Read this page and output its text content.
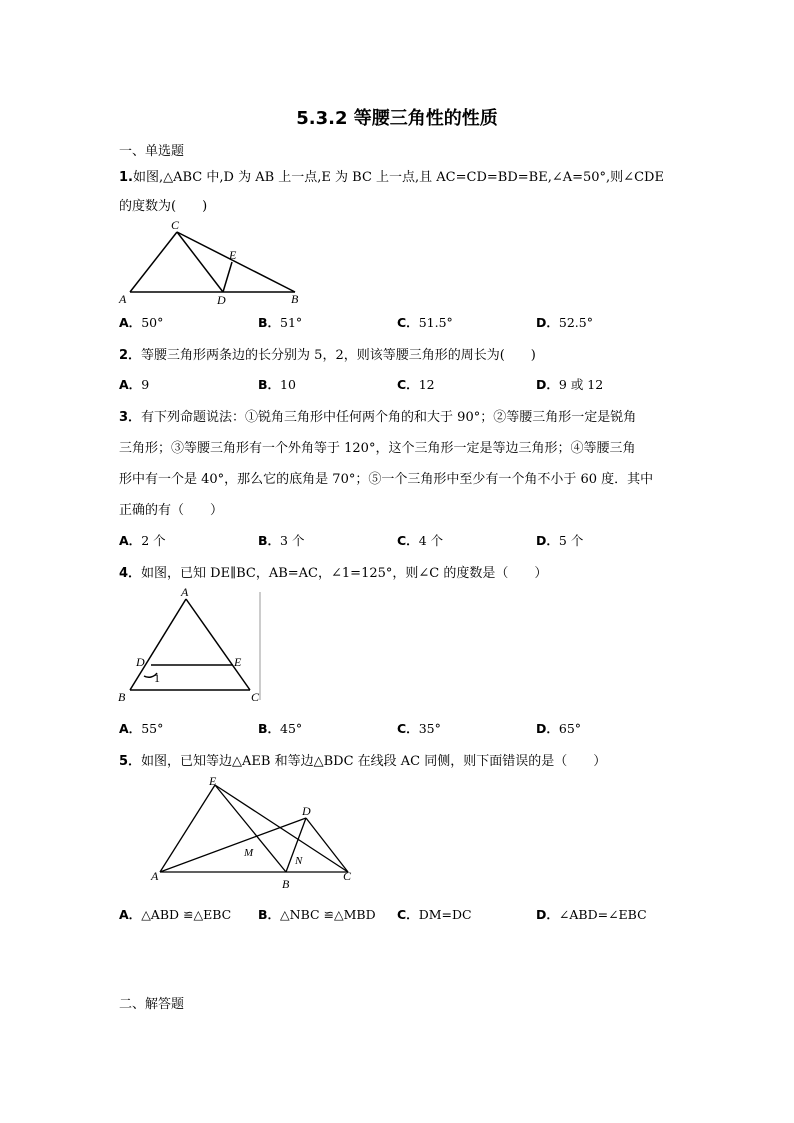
5.3.2 等腰三角性的性质
一、单选题
1.如图,△ABC 中,D 为 AB 上一点,E 为 BC 上一点,且 AC=CD=BD=BE,∠A=50°,则∠CDE
的度数为(　　)
A	B
C
D
E
A．50°	B．51°	C．51.5°	D．52.5°
2．等腰三角形两条边的长分别为 5，2，则该等腰三角形的周长为(　　)
A．9	B．10	C．12	D．9 或 12
3．有下列命题说法：①锐角三角形中任何两个角的和大于 90°；②等腰三角形一定是锐角
三角形；③等腰三角形有一个外角等于 120°，这个三角形一定是等边三角形；④等腰三角
形中有一个是 40°，那么它的底角是 70°；⑤一个三角形中至少有一个角不小于 60 度．其中
正确的有（　　）
A．2 个	B．3 个	C．4 个	D．5 个
4．如图，已知 DE∥BC，AB=AC，∠1=125°，则∠C 的度数是（　　）
A
B	C
D	E
1
A．55°	B．45°	C．35°	D．65°
5．如图，已知等边△AEB 和等边△BDC 在线段 AC 同侧，则下面错误的是（　　）
A
B
C
D
E
M
N
A．△ABD ≌△EBC B．△NBC ≌△MBD C．DM=DC	D．∠ABD=∠EBC
二、解答题
